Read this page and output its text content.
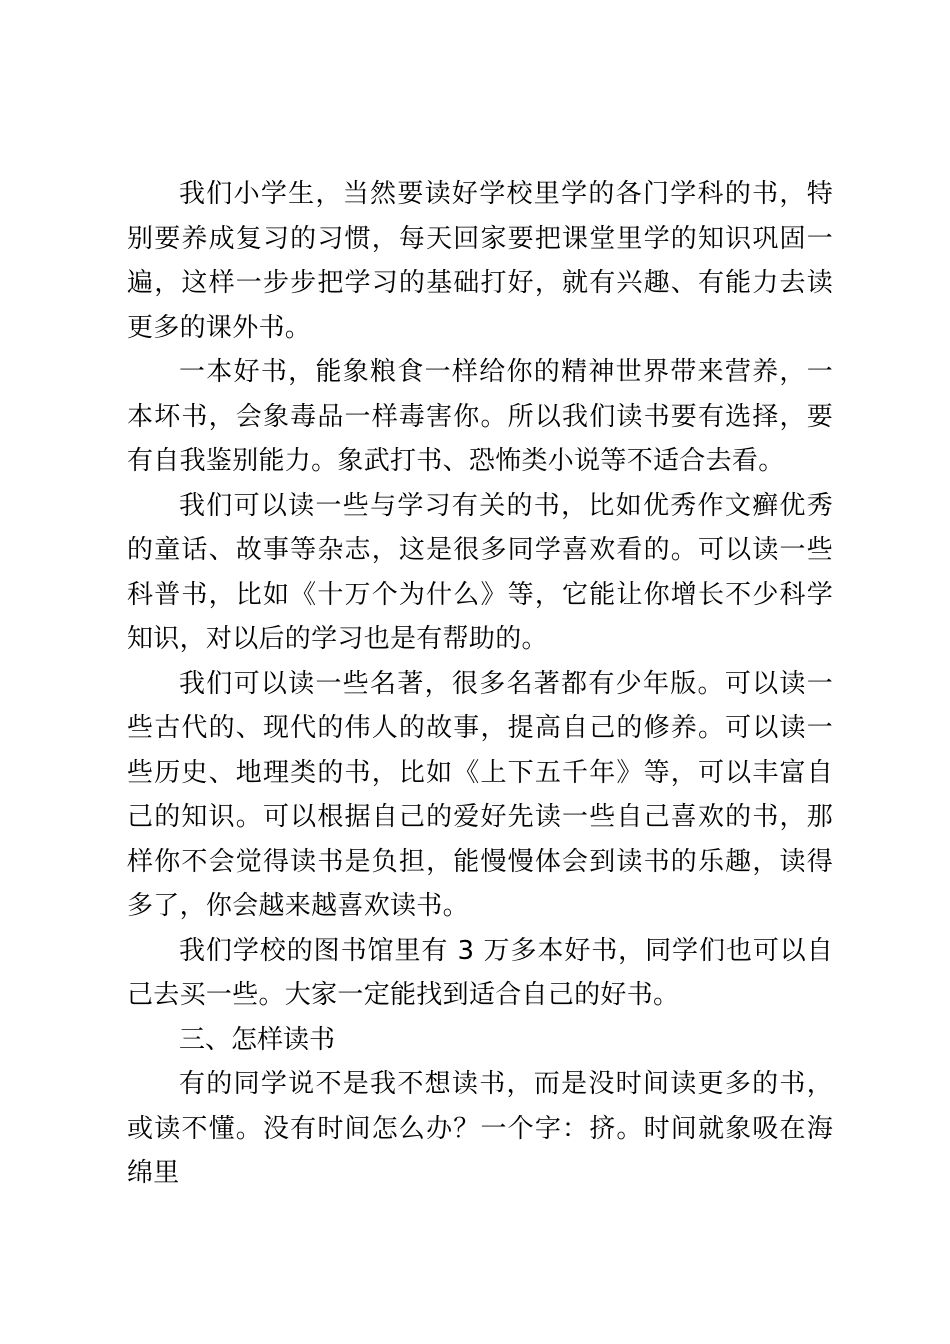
我们小学生，当然要读好学校里学的各门学科的书，特别要养成复习的习惯，每天回家要把课堂里学的知识巩固一遍，这样一步步把学习的基础打好，就有兴趣、有能力去读更多的课外书。

一本好书，能象粮食一样给你的精神世界带来营养，一本坏书，会象毒品一样毒害你。所以我们读书要有选择，要有自我鉴别能力。象武打书、恐怖类小说等不适合去看。

我们可以读一些与学习有关的书，比如优秀作文癣优秀的童话、故事等杂志，这是很多同学喜欢看的。可以读一些科普书，比如《十万个为什么》等，它能让你增长不少科学知识，对以后的学习也是有帮助的。

我们可以读一些名著，很多名著都有少年版。可以读一些古代的、现代的伟人的故事，提高自己的修养。可以读一些历史、地理类的书，比如《上下五千年》等，可以丰富自己的知识。可以根据自己的爱好先读一些自己喜欢的书，那样你不会觉得读书是负担，能慢慢体会到读书的乐趣，读得多了，你会越来越喜欢读书。

我们学校的图书馆里有 3 万多本好书，同学们也可以自己去买一些。大家一定能找到适合自己的好书。

三、怎样读书

有的同学说不是我不想读书，而是没时间读更多的书，或读不懂。没有时间怎么办？一个字：挤。时间就象吸在海绵里
